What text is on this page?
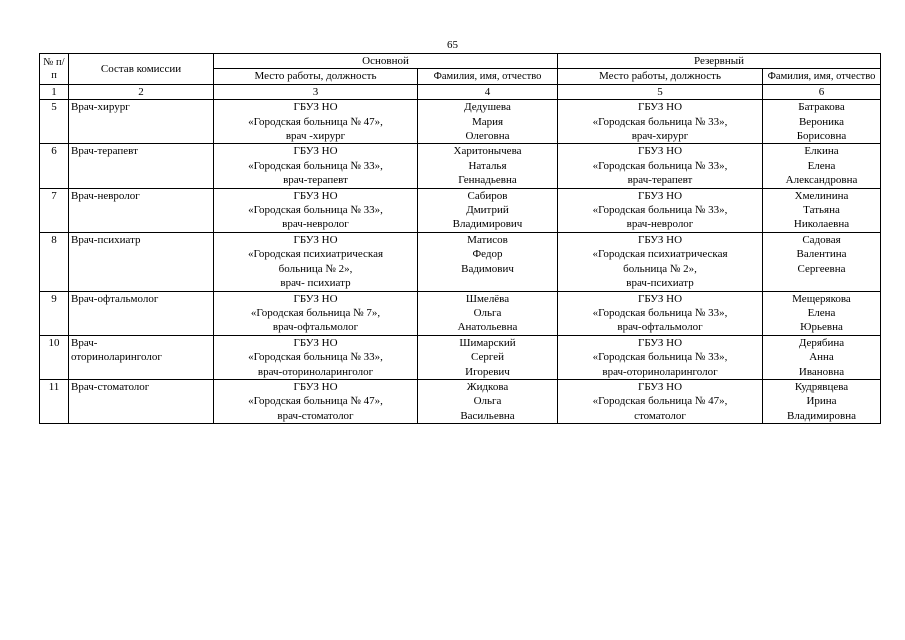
65
№ п/п	Состав комиссии	Основной		Резервный	
		Место работы, должность	Фамилия, имя, отчество	Место работы, должность	Фамилия, имя, отчество
1	2	3	4	5	6
5	Врач-хирург	ГБУЗ НО
«Городская больница № 47»,
врач -хирург	Дедушева
Мария
Олеговна	ГБУЗ НО
«Городская больница № 33»,
врач-хирург	Батракова
Вероника
Борисовна

6	Врач-терапевт	ГБУЗ НО
«Городская больница № 33»,
врач-терапевт	Харитонычева
Наталья
Геннадьевна	ГБУЗ НО
«Городская больница № 33»,
врач-терапевт	Елкина
Елена
Александровна

7	Врач-невролог	ГБУЗ НО
«Городская больница № 33»,
врач-невролог	Сабиров
Дмитрий
Владимирович	ГБУЗ НО
«Городская больница № 33»,
врач-невролог	Хмелинина
Татьяна
Николаевна

8	Врач-психиатр	ГБУЗ НО
«Городская психиатрическая
больница № 2»,
врач- психиатр	Матисов
Федор
Вадимович	ГБУЗ НО
«Городская психиатрическая
больница № 2»,
врач-психиатр	Садовая
Валентина
Сергеевна

9	Врач-офтальмолог	ГБУЗ НО
«Городская больница № 7»,
врач-офтальмолог	Шмелёва
Ольга
Анатольевна	ГБУЗ НО
«Городская больница № 33»,
врач-офтальмолог	Мещерякова
Елена
Юрьевна

10	Врач-
оториноларинголог	ГБУЗ НО
«Городская больница № 33»,
врач-оториноларинголог	Шимарский
Сергей
Игоревич	ГБУЗ НО
«Городская больница № 33»,
врач-оториноларинголог	Дерябина
Анна
Ивановна

11	Врач-стоматолог	ГБУЗ НО
«Городская больница № 47»,
врач-стоматолог	Жидкова
Ольга
Васильевна	ГБУЗ НО
«Городская больница № 47»,
стоматолог	Кудрявцева
Ирина
Владимировна
